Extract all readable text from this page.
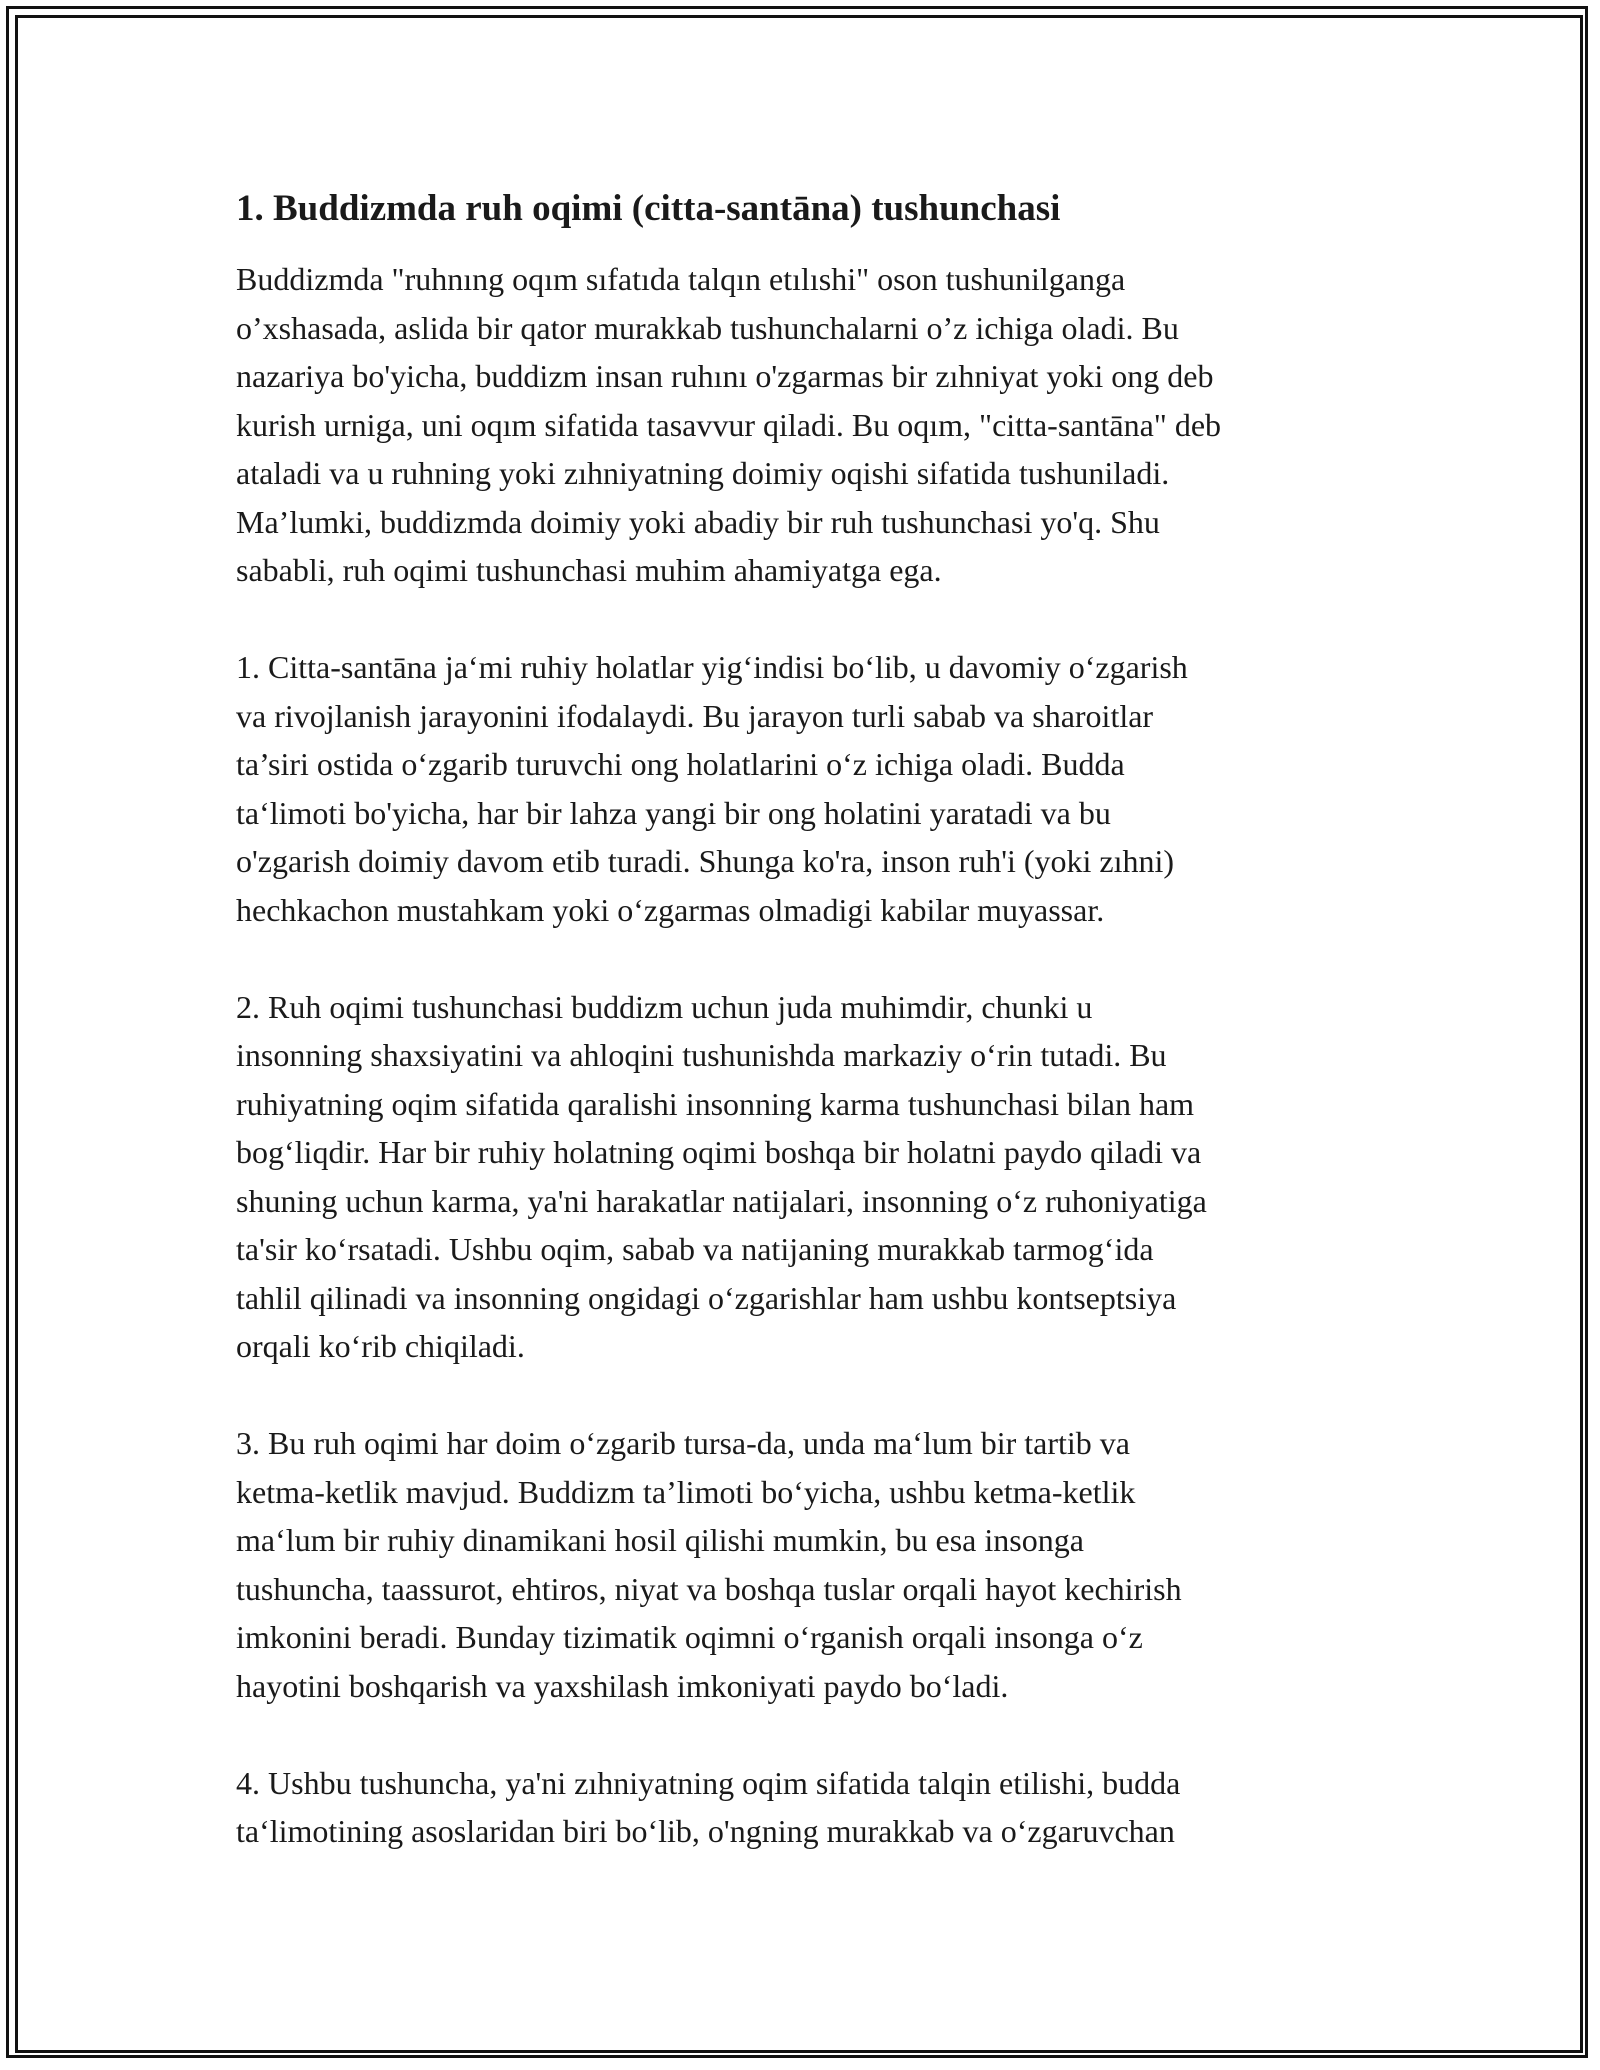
1. Buddizmda ruh oqimi (citta-santāna) tushunchasi

Buddizmda "ruhnıng oqım sıfatıda talqın etılıshi" oson tushunilganga
o’xshasada, aslida bir qator murakkab tushunchalarni o’z ichiga oladi. Bu
nazariya bo'yicha, buddizm insan ruhını o'zgarmas bir zıhniyat yoki ong deb
kurish urniga, uni oqım sifatida tasavvur qiladi. Bu oqım, "citta-santāna" deb
ataladi va u ruhning yoki zıhniyatning doimiy oqishi sifatida tushuniladi.
Ma’lumki, buddizmda doimiy yoki abadiy bir ruh tushunchasi yo'q. Shu
sababli, ruh oqimi tushunchasi muhim ahamiyatga ega.

1. Citta-santāna ja‘mi ruhiy holatlar yig‘indisi bo‘lib, u davomiy o‘zgarish
va rivojlanish jarayonini ifodalaydi. Bu jarayon turli sabab va sharoitlar
ta’siri ostida o‘zgarib turuvchi ong holatlarini o‘z ichiga oladi. Budda
ta‘limoti bo'yicha, har bir lahza yangi bir ong holatini yaratadi va bu
o'zgarish doimiy davom etib turadi. Shunga ko'ra, inson ruh'i (yoki zıhni)
hechkachon mustahkam yoki o‘zgarmas olmadigi kabilar muyassar.

2. Ruh oqimi tushunchasi buddizm uchun juda muhimdir, chunki u
insonning shaxsiyatini va ahloqini tushunishda markaziy o‘rin tutadi. Bu
ruhiyatning oqim sifatida qaralishi insonning karma tushunchasi bilan ham
bog‘liqdir. Har bir ruhiy holatning oqimi boshqa bir holatni paydo qiladi va
shuning uchun karma, ya'ni harakatlar natijalari, insonning o‘z ruhoniyatiga
ta'sir ko‘rsatadi. Ushbu oqim, sabab va natijaning murakkab tarmog‘ida
tahlil qilinadi va insonning ongidagi o‘zgarishlar ham ushbu kontseptsiya
orqali ko‘rib chiqiladi.

3. Bu ruh oqimi har doim o‘zgarib tursa-da, unda ma‘lum bir tartib va
ketma-ketlik mavjud. Buddizm ta’limoti bo‘yicha, ushbu ketma-ketlik
ma‘lum bir ruhiy dinamikani hosil qilishi mumkin, bu esa insonga
tushuncha, taassurot, ehtiros, niyat va boshqa tuslar orqali hayot kechirish
imkonini beradi. Bunday tizimatik oqimni o‘rganish orqali insonga o‘z
hayotini boshqarish va yaxshilash imkoniyati paydo bo‘ladi.

4. Ushbu tushuncha, ya'ni zıhniyatning oqim sifatida talqin etilishi, budda
ta‘limotining asoslaridan biri bo‘lib, o'ngning murakkab va o‘zgaruvchan
